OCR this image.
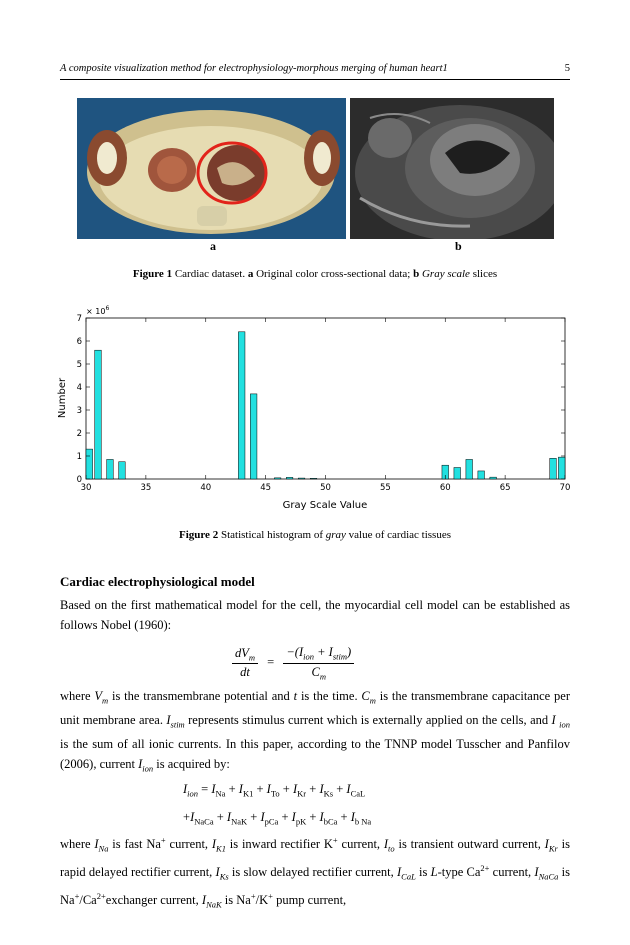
A composite visualization method for electrophysiology-morphous merging of human heart1	5
a	b
Figure 1 Cardiac dataset. a Original color cross-sectional data; b Gray scale slices
30	35	40	45	50	55	60	65	70
0
1
2
3
4
5
6
7
× $10^6$
Gray Scale Value
Number
Figure 2 Statistical histogram of gray value of cardiac tissues
Cardiac electrophysiological model
Based on the first mathematical model for the cell, the myocardial cell model can be established as follows Nobel (1960):
$\frac{dV_m}{dt} = \frac{-(I_{ion} + I_{stim})}{C_m}$
where $V_m$ is the transmembrane potential and t is the time. $C_m$ is the transmembrane capacitance per unit membrane area. $I_{stim}$ represents stimulus current which is externally applied on the cells, and I $_{ion}$ is the sum of all ionic currents. In this paper, according to the TNNP model Tusscher and Panfilov (2006), current $I_{ion}$ is acquired by:
$I_{ion} = I_{Na} + I_{K1} + I_{To} + I_{Kr} + I_{Ks} + I_{CaL}$
$+I_{NaCa} + I_{NaK} + I_{pCa} + I_{pK} + I_{bCa} + I_{b Na}$
where $I_{Na}$ is fast Na+ current, $I_{K1}$ is inward rectifier K+ current, $I_{to}$ is transient outward current, $I_{Kr}$ is rapid delayed rectifier current, $I_{Ks}$ is slow delayed rectifier current, $I_{CaL}$ is L-type $Ca^{2+}$ current, $I_{NaCa}$ is $Na^+/Ca^{2+}exchanger$ current, $I_{NaK}$ is Na+/K+ pump current,
